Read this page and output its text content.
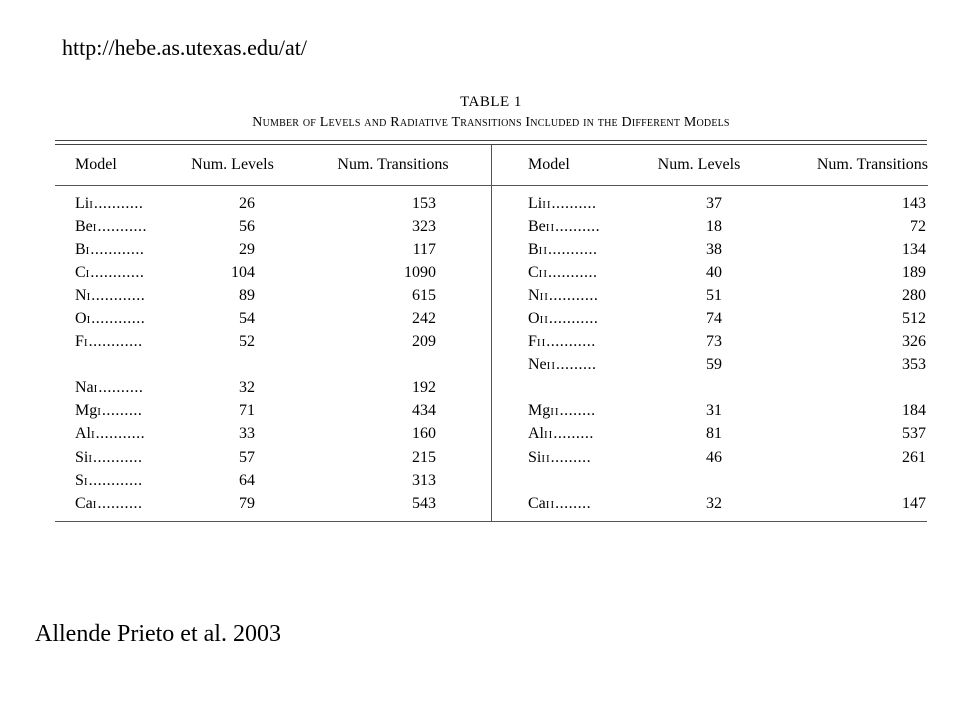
http://hebe.as.utexas.edu/at/
TABLE 1
Number of Levels and Radiative Transitions Included in the Different Models
Model	Num. Levels	Num. Transitions
LiI...........	26	153
BeI...........	56	323
BI............	29	117
CI............	104	1090
NI............	89	615
OI............	54	242
FI............	52	209
NaI..........	32	192
MgI.........	71	434
AlI...........	33	160
SiI...........	57	215
SI............	64	313
CaI..........	79	543
Model	Num. Levels	Num. Transitions
LiII..........	37	143
BeII..........	18	72
BII...........	38	134
CII...........	40	189
NII...........	51	280
OII...........	74	512
FII...........	73	326
NeII.........	59	353
MgII........	31	184
AlII.........	81	537
SiII.........	46	261
CaII........	32	147
Allende Prieto et al. 2003
